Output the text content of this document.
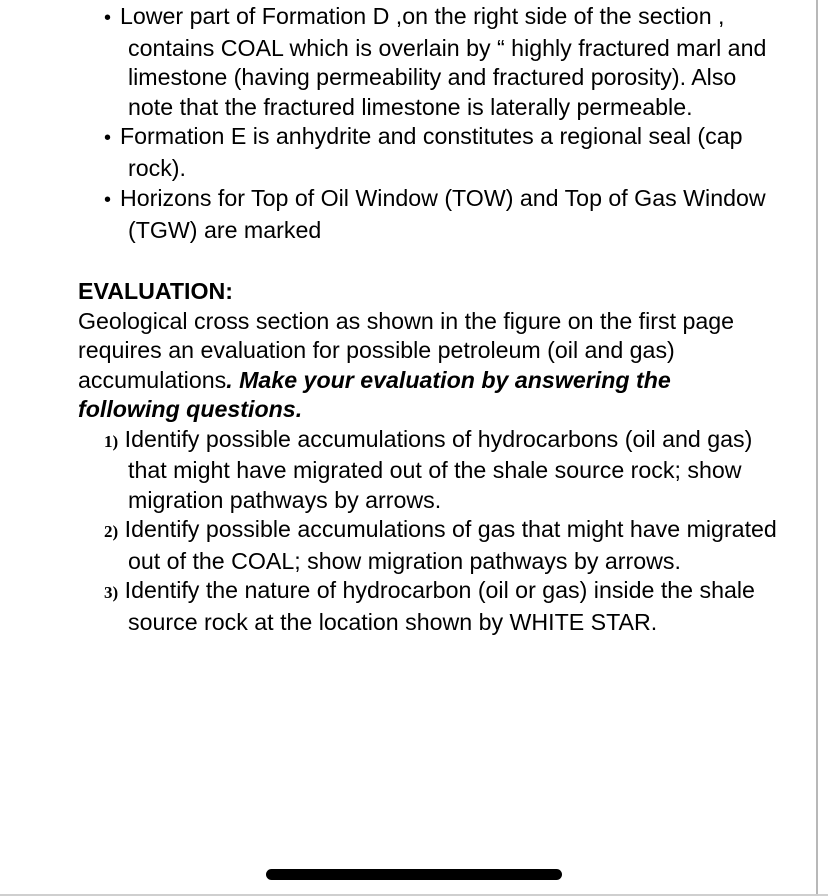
• Lower part of Formation D ,on the right side of the section , contains COAL which is overlain by “ highly fractured marl and limestone (having permeability and fractured porosity). Also note that the fractured limestone is laterally permeable.
• Formation E is anhydrite and constitutes a regional seal (cap rock).
• Horizons for Top of Oil Window (TOW) and Top of Gas Window (TGW) are marked
EVALUATION:

Geological cross section as shown in the figure on the first page requires an evaluation for possible petroleum (oil and gas) accumulations. Make your evaluation by answering the following questions.

1) Identify possible accumulations of hydrocarbons (oil and gas) that might have migrated out of the shale source rock; show migration pathways by arrows.
2) Identify possible accumulations of gas that might have migrated out of the COAL; show migration pathways by arrows.
3) Identify the nature of hydrocarbon (oil or gas) inside the shale source rock at the location shown by WHITE STAR.
